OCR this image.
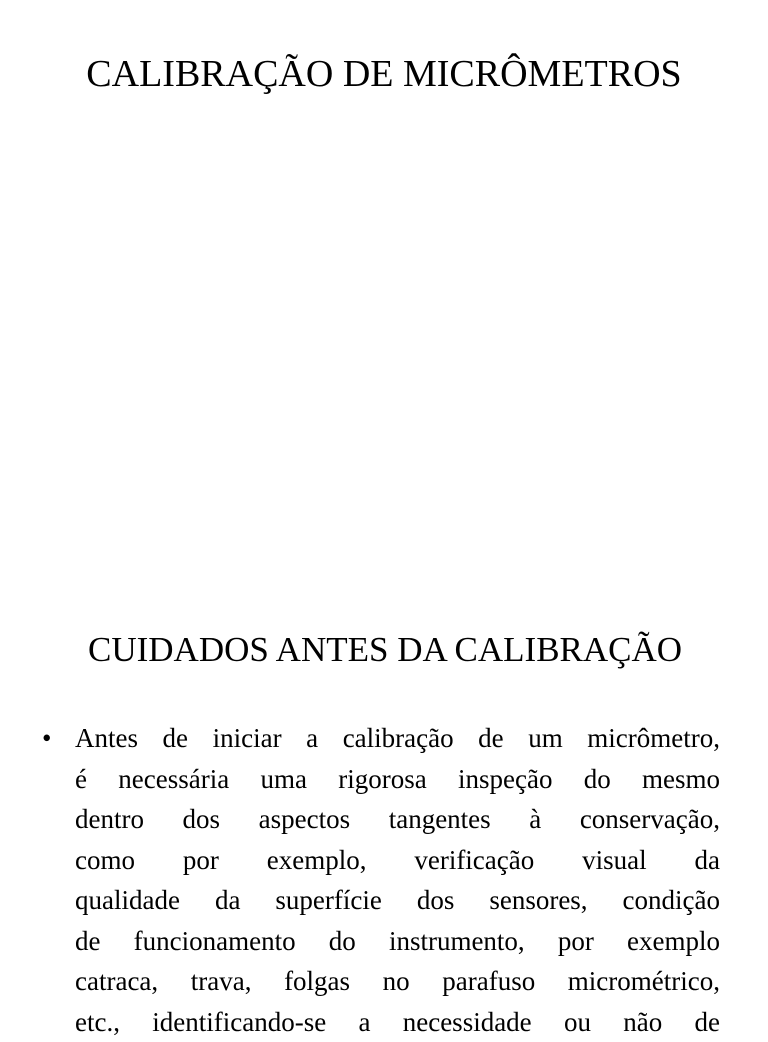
CALIBRAÇÃO DE MICRÔMETROS
CUIDADOS ANTES DA CALIBRAÇÃO
• Antes de iniciar a calibração de um micrômetro,
é necessária uma rigorosa inspeção do mesmo
dentro dos aspectos tangentes à conservação,
como por exemplo, verificação visual da
qualidade da superfície dos sensores, condição
de funcionamento do instrumento, por exemplo
catraca, trava, folgas no parafuso micrométrico,
etc., identificando-se a necessidade ou não de
